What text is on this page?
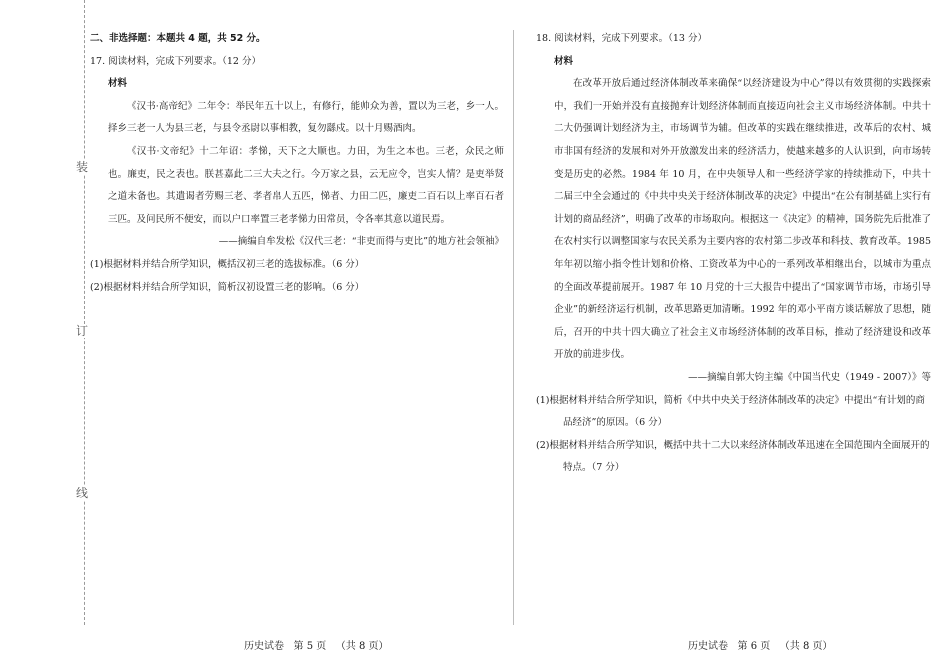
装
订
线
二、非选择题：本题共 4 题，共 52 分。

17. 阅读材料，完成下列要求。（12 分）

材料

《汉书·高帝纪》二年令：举民年五十以上，有修行，能帅众为善，置以为三老，乡一人。择乡三老一人为县三老，与县令丞尉以事相教，复勿繇戍。以十月赐酒肉。

《汉书·文帝纪》十二年诏：孝悌，天下之大顺也。力田，为生之本也。三老，众民之师也。廉吏，民之表也。朕甚嘉此二三大夫之行。今万家之县，云无应令，岂实人情？是吏举贤之道未备也。其遣谒者劳赐三老、孝者帛人五匹，悌者、力田二匹，廉吏二百石以上率百石者三匹。及问民所不便安，而以户口率置三老孝悌力田常员，令各率其意以道民焉。

——摘编自牟发松《汉代三老：“非吏而得与吏比”的地方社会领袖》

(1)根据材料并结合所学知识，概括汉初三老的选拔标准。（6 分）

(2)根据材料并结合所学知识，简析汉初设置三老的影响。（6 分）

18. 阅读材料，完成下列要求。（13 分）

材料

在改革开放后通过经济体制改革来确保“以经济建设为中心”得以有效贯彻的实践探索中，我们一开始并没有直接抛弃计划经济体制而直接迈向社会主义市场经济体制。中共十二大仍强调计划经济为主，市场调节为辅。但改革的实践在继续推进，改革后的农村、城市非国有经济的发展和对外开放激发出来的经济活力，使越来越多的人认识到，向市场转变是历史的必然。1984 年 10 月，在中央领导人和一些经济学家的持续推动下，中共十二届三中全会通过的《中共中央关于经济体制改革的决定》中提出“在公有制基础上实行有计划的商品经济”，明确了改革的市场取向。根据这一《决定》的精神，国务院先后批准了在农村实行以调整国家与农民关系为主要内容的农村第二步改革和科技、教育改革。1985 年年初以缩小指令性计划和价格、工资改革为中心的一系列改革相继出台，以城市为重点的全面改革提前展开。1987 年 10 月党的十三大报告中提出了“国家调节市场，市场引导企业”的新经济运行机制，改革思路更加清晰。1992 年的邓小平南方谈话解放了思想，随后，召开的中共十四大确立了社会主义市场经济体制的改革目标，推动了经济建设和改革开放的前进步伐。

——摘编自郭大钧主编《中国当代史（1949 - 2007）》等

(1)根据材料并结合所学知识，简析《中共中央关于经济体制改革的决定》中提出“有计划的商品经济”的原因。（6 分）

(2)根据材料并结合所学知识，概括中共十二大以来经济体制改革迅速在全国范围内全面展开的特点。（7 分）

历史试卷   第 5 页   （共 8 页）	历史试卷   第 6 页   （共 8 页）
